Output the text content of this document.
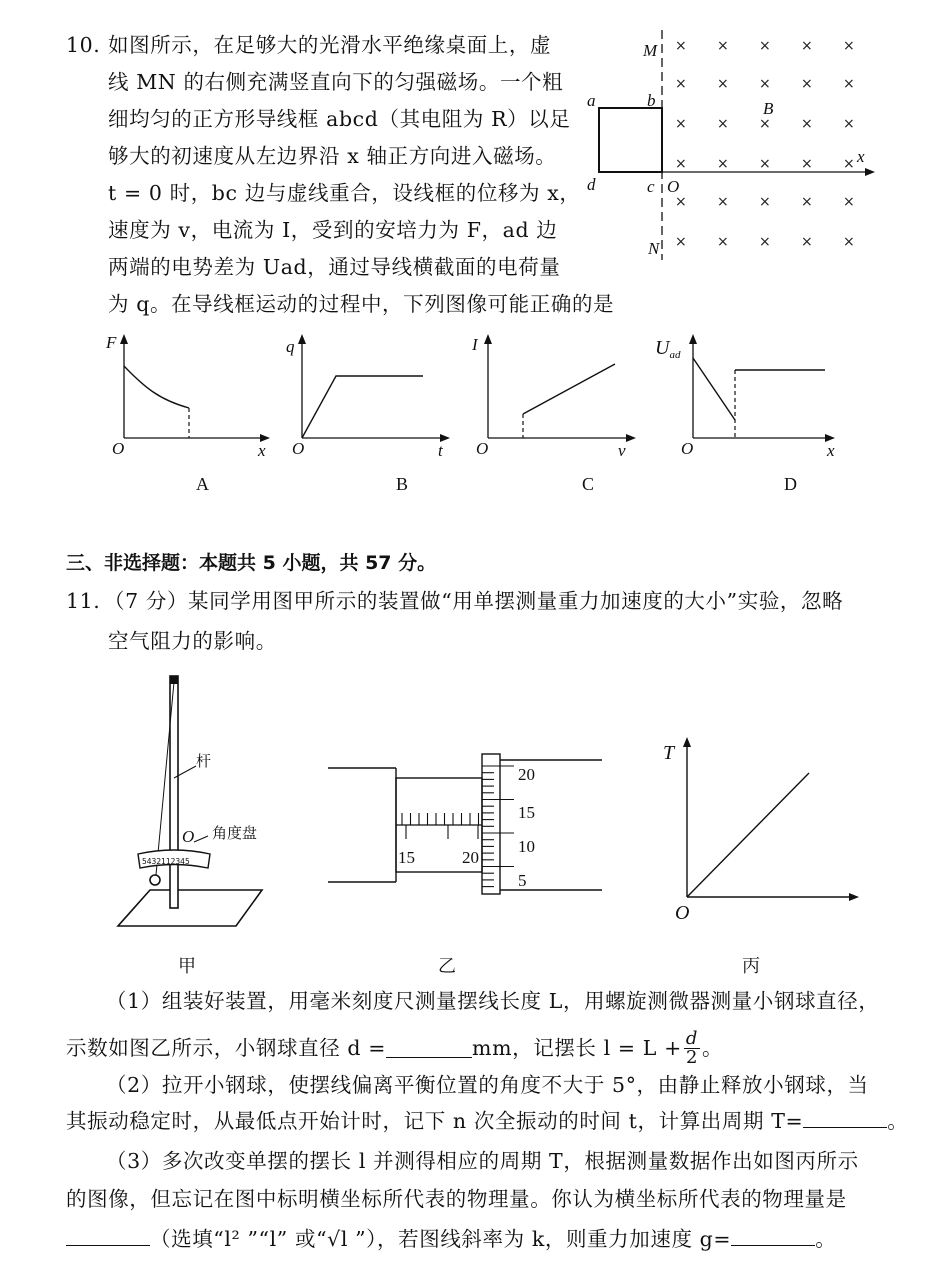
10. 如图所示，在足够大的光滑水平绝缘桌面上，虚
线 MN 的右侧充满竖直向下的匀强磁场。一个粗
细均匀的正方形导线框 abcd（其电阻为 R）以足
够大的初速度从左边界沿 x 轴正方向进入磁场。
t = 0 时，bc 边与虚线重合，设线框的位移为 x，
速度为 v，电流为 I，受到的安培力为 F，ad 边
两端的电势差为 Uad，通过导线横截面的电荷量
为 q。在导线框运动的过程中，下列图像可能正确的是
M
N
a	b
c
d	O
x
B
× × × × ×
× × × × ×
× × × × ×
× × × × ×
× × × × ×
× × × × ×
F
O	x
A
q
O	t
B
I
O	v
C
$U_{ad}$
O	x
D
三、非选择题：本题共 5 小题，共 57 分。
11. （7 分）某同学用图甲所示的装置做“用单摆测量重力加速度的大小”实验，忽略
空气阻力的影响。
5432112345
杆
O 角度盘
甲
15	20
20
15
10
5
乙
T
O
丙
（1）组装好装置，用毫米刻度尺测量摆线长度 L，用螺旋测微器测量小钢球直径，
示数如图乙所示，小钢球直径 d =	mm，记摆长 $l = L + \frac{d}{2}$ 。
（2）拉开小钢球，使摆线偏离平衡位置的角度不大于 5°，由静止释放小钢球，当
其振动稳定时，从最低点开始计时，记下 n 次全振动的时间 t，计算出周期 T=	。
（3）多次改变单摆的摆长 l 并测得相应的周期 T，根据测量数据作出如图丙所示
的图像，但忘记在图中标明横坐标所代表的物理量。你认为横坐标所代表的物理量是
（选填“l² ”“l” 或“√l ”），若图线斜率为 k，则重力加速度 g=	。
